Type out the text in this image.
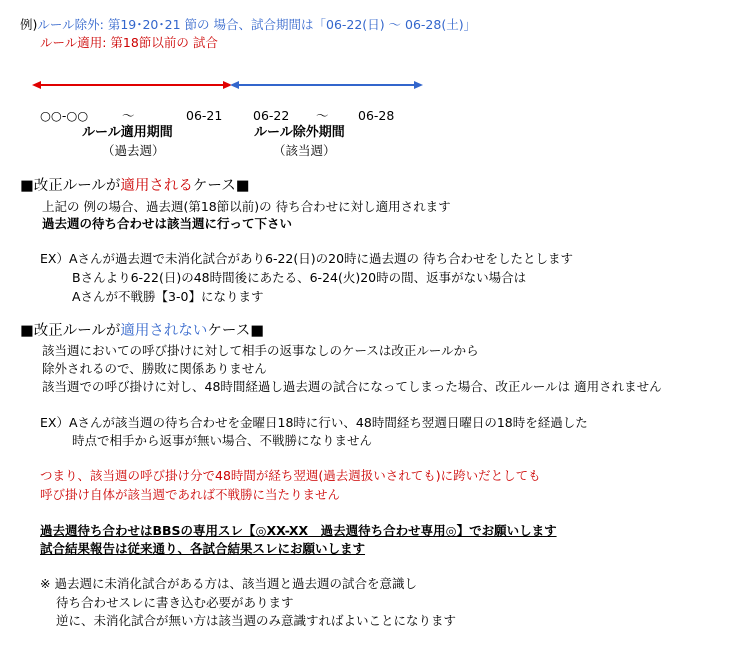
例)ルール除外: 第19･20･21 節の 場合、試合期間は「06-22(日) ～ 06-28(土)」
ルール適用: 第18節以前の 試合
○○-○○	～	06-21 06-22 ～ 06-28
ルール適用期間
（過去週）
ルール除外期間
（該当週）
■改正ルールが適用されるケース■
上記の 例の場合、過去週(第18節以前)の 待ち合わせに対し適用されます
過去週の待ち合わせは該当週に行って下さい
EX）Aさんが過去週で未消化試合があり6-22(日)の20時に過去週の 待ち合わせをしたとします
Bさんより6-22(日)の48時間後にあたる、6-24(火)20時の間、返事がない場合は
Aさんが不戦勝【3-0】になります
■改正ルールが適用されないケース■
該当週においての呼び掛けに対して相手の返事なしのケースは改正ルールから
除外されるので、勝敗に関係ありません
該当週での呼び掛けに対し、48時間経過し過去週の試合になってしまった場合、改正ルールは 適用されません
EX）Aさんが該当週の待ち合わせを金曜日18時に行い、48時間経ち翌週日曜日の18時を経過した
時点で相手から返事が無い場合、不戦勝になりません
つまり、該当週の呼び掛け分で48時間が経ち翌週(過去週扱いされても)に跨いだとしても
呼び掛け自体が該当週であれば不戦勝に当たりません
過去週待ち合わせはBBSの専用スレ【◎XX-XX　過去週待ち合わせ専用◎】でお願いします
試合結果報告は従来通り、各試合結果スレにお願いします
※ 過去週に未消化試合がある方は、該当週と過去週の試合を意識し
待ち合わせスレに書き込む必要があります
逆に、未消化試合が無い方は該当週のみ意識すればよいことになります
